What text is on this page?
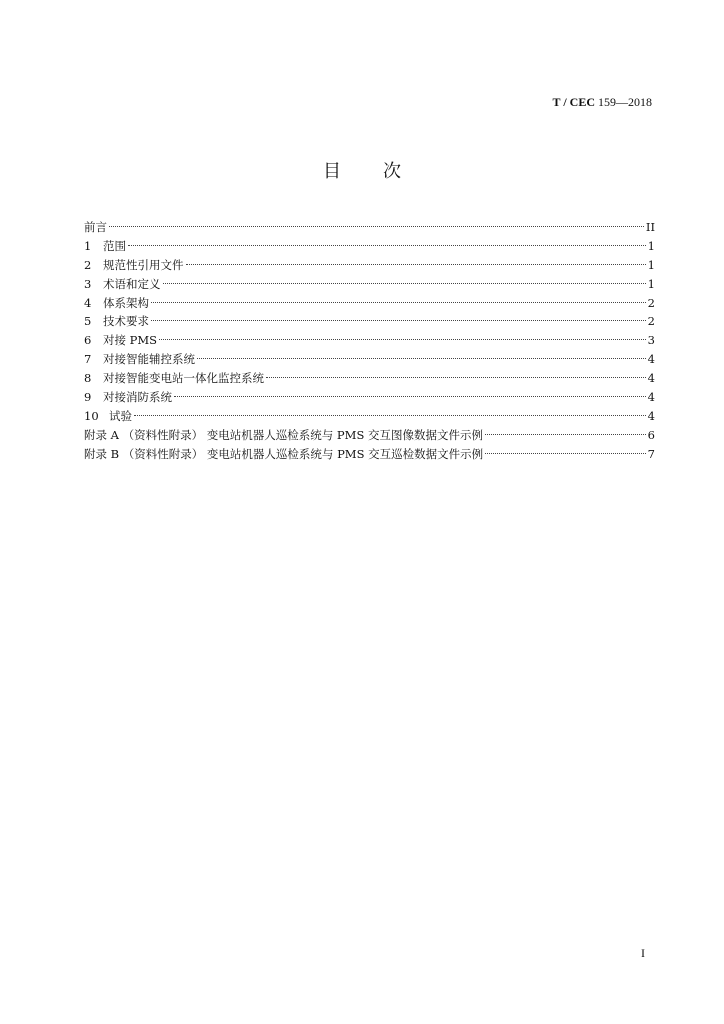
T / CEC 159—2018
目 次
前言	II
1	范围	1
2	规范性引用文件	1
3	术语和定义	1
4	体系架构	2
5	技术要求	2
6	对接 PMS	3
7	对接智能辅控系统	4
8	对接智能变电站一体化监控系统	4
9	对接消防系统	4
10 试验	4
附录 A （资料性附录） 变电站机器人巡检系统与 PMS 交互图像数据文件示例	6
附录 B （资料性附录） 变电站机器人巡检系统与 PMS 交互巡检数据文件示例	7
I
